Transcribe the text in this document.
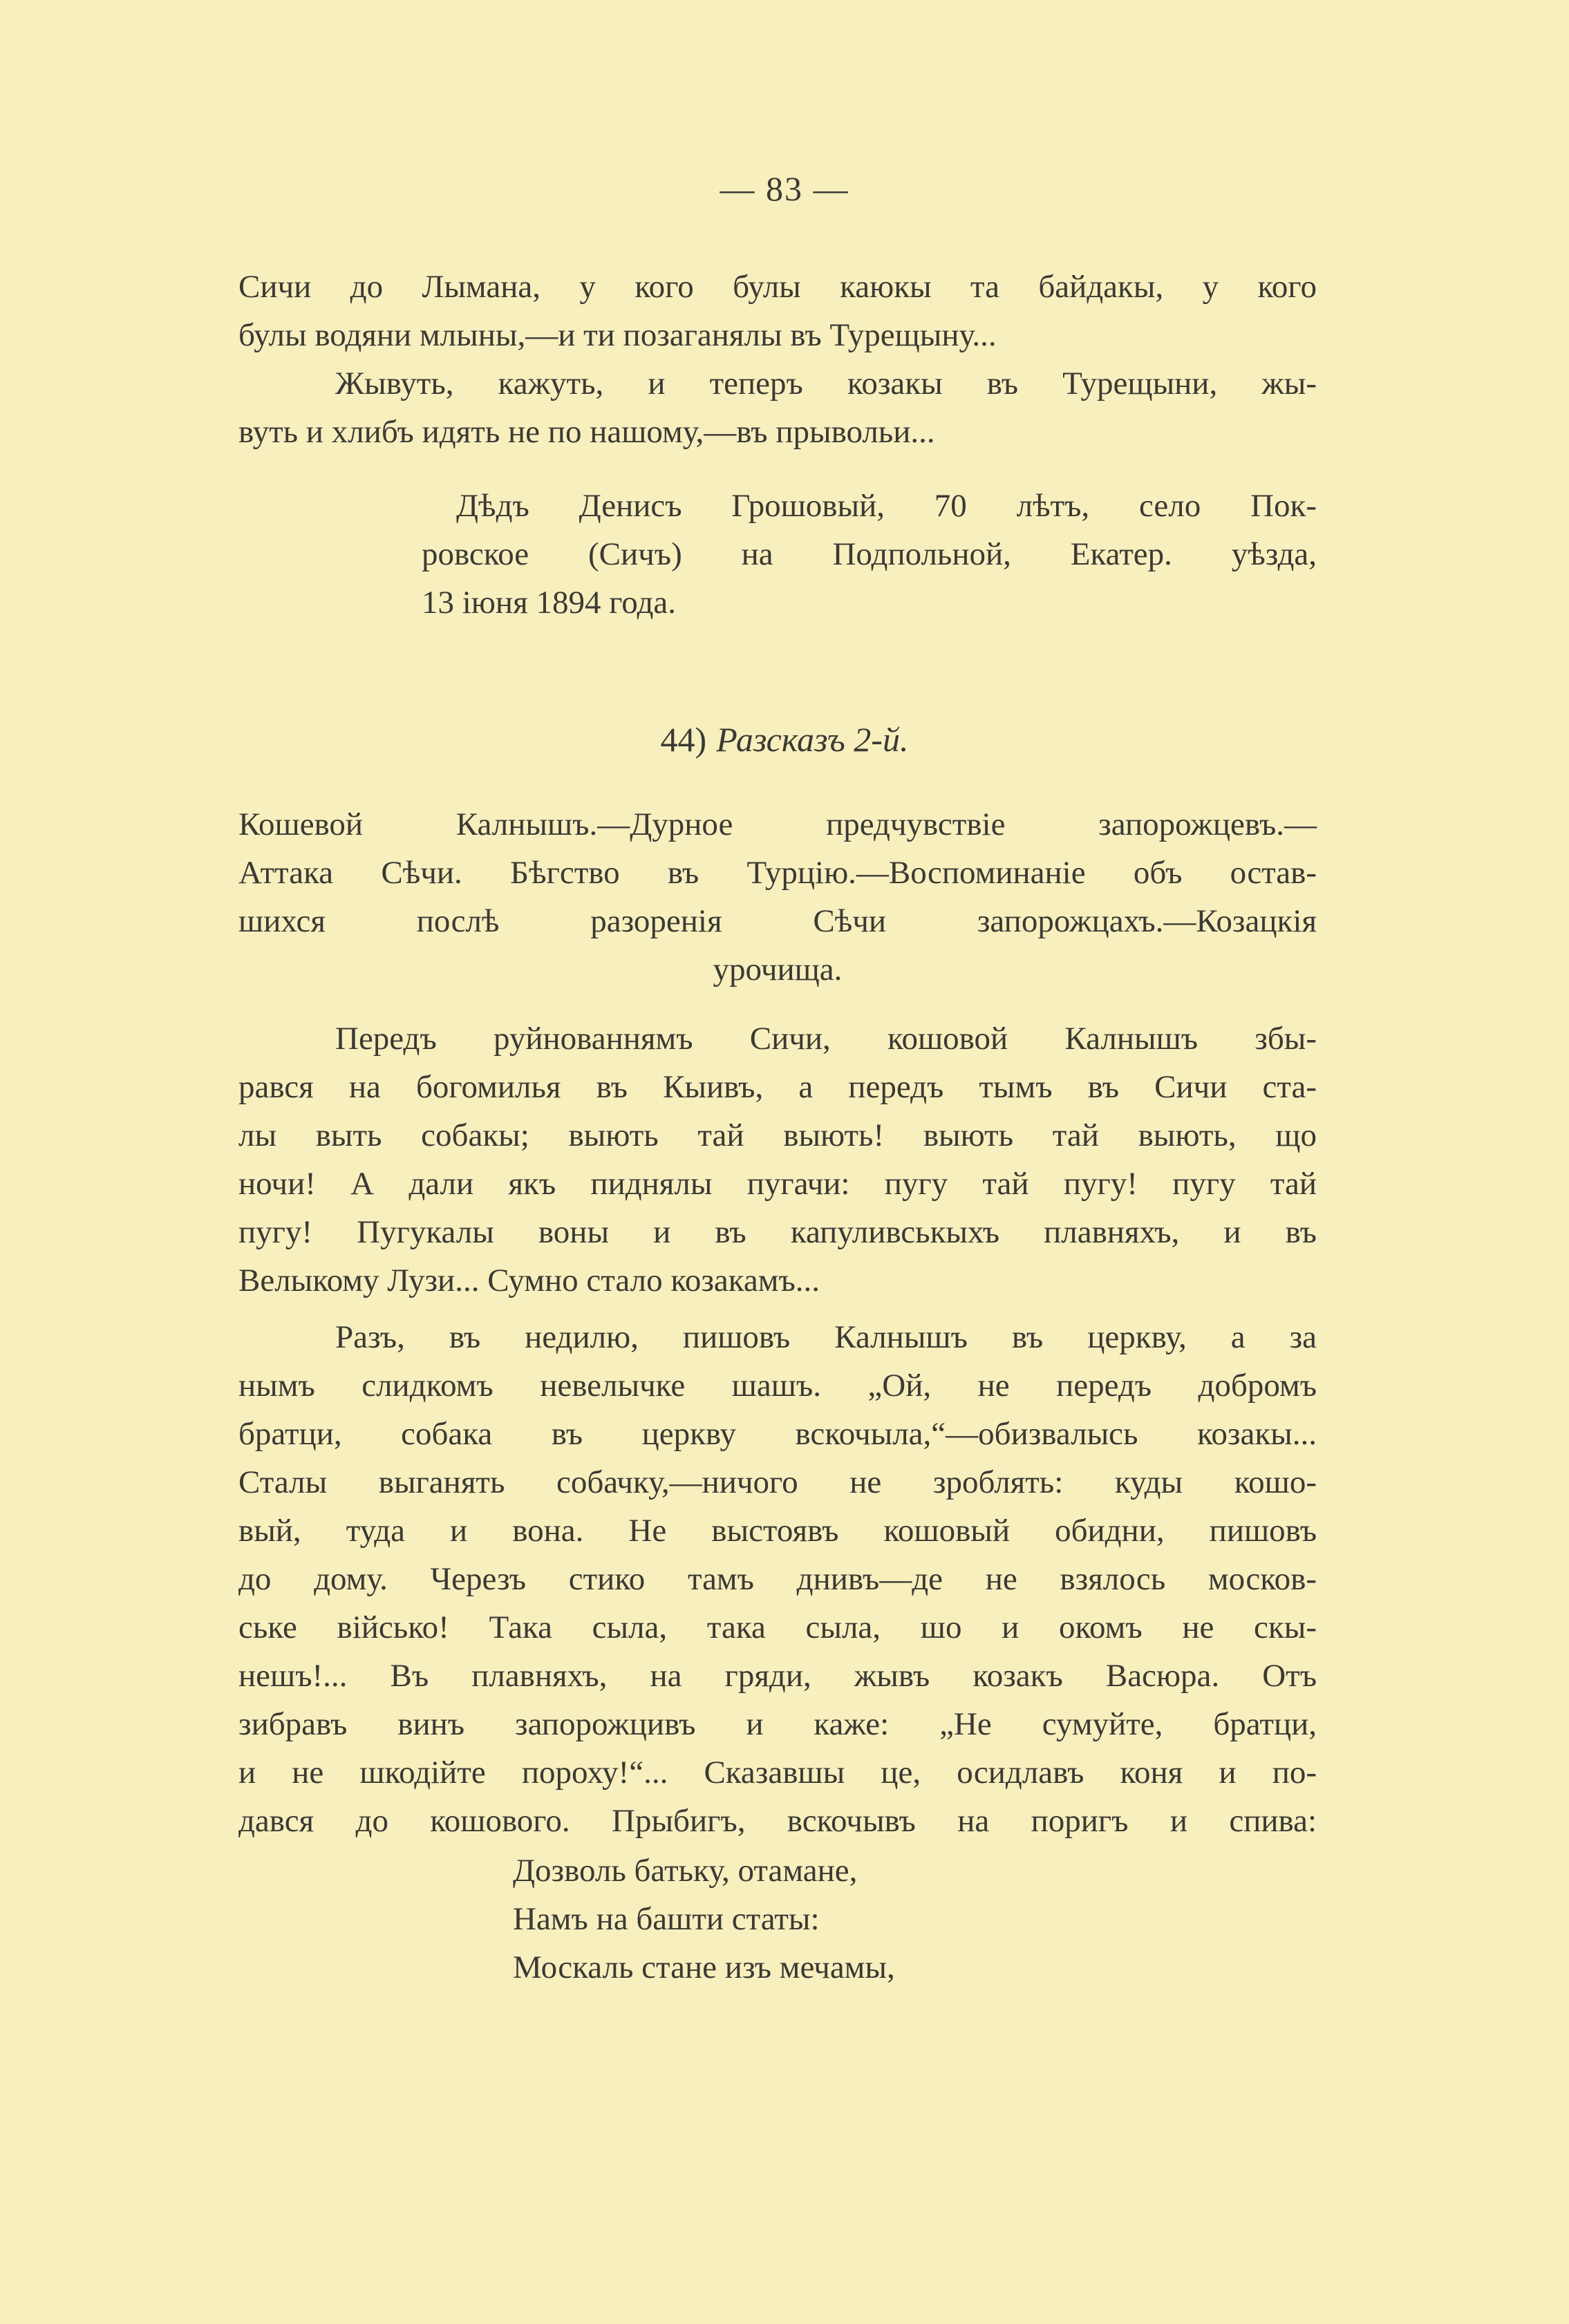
— 83 —
Сичи до Лымана, у кого булы каюкы та байдакы, у кого
булы водяни млыны,—и ти позаганялы въ Турещыну...
Жывуть, кажуть, и теперъ козакы въ Турещыни, жы-
вуть и хлибъ идять не по нашому,—въ прывольи...
Дѣдъ Денисъ Грошовый, 70 лѣтъ, село Пок-
ровское (Сичъ) на Подпольной, Екатер. уѣзда,
13 іюня 1894 года.
44) Разсказъ 2-й.
Кошевой Калнышъ.—Дурное предчувствіе запорожцевъ.—
Аттака Сѣчи. Бѣгство въ Турцію.—Воспоминаніе объ остав-
шихся послѣ разоренія Сѣчи запорожцахъ.—Козацкія
урочища.
Передъ руйнованнямъ Сичи, кошовой Калнышъ збы-
рався на богомилья въ Кыивъ, а передъ тымъ въ Сичи ста-
лы выть собакы; выють тай выють! выють тай выють, що
ночи! А дали якъ пиднялы пугачи: пугу тай пугу! пугу тай
пугу! Пугукалы воны и въ капуливськыхъ плавняхъ, и въ
Велыкому Лузи... Сумно стало козакамъ...
Разъ, въ недилю, пишовъ Калнышъ въ церкву, а за
нымъ слидкомъ невелычке шашъ. „Ой, не передъ добромъ
братци, собака въ церкву вскочыла,“—обизвалысь козакы...
Сталы выганять собачку,—ничого не зроблять: куды кошо-
вый, туда и вона. Не выстоявъ кошовый обидни, пишовъ
до дому. Черезъ стико тамъ днивъ—де не взялось москов-
ське військо! Така сыла, така сыла, шо и окомъ не скы-
нешъ!... Въ плавняхъ, на гряди, жывъ козакъ Васюра. Отъ
зибравъ винъ запорожцивъ и каже: „Не сумуйте, братци,
и не шкодійте пороху!“... Сказавшы це, осидлавъ коня и по-
дався до кошового. Прыбигъ, вскочывъ на поригъ и спива:
Дозволь батьку, отамане,
Намъ на башти статы:
Москаль стане изъ мечамы,
